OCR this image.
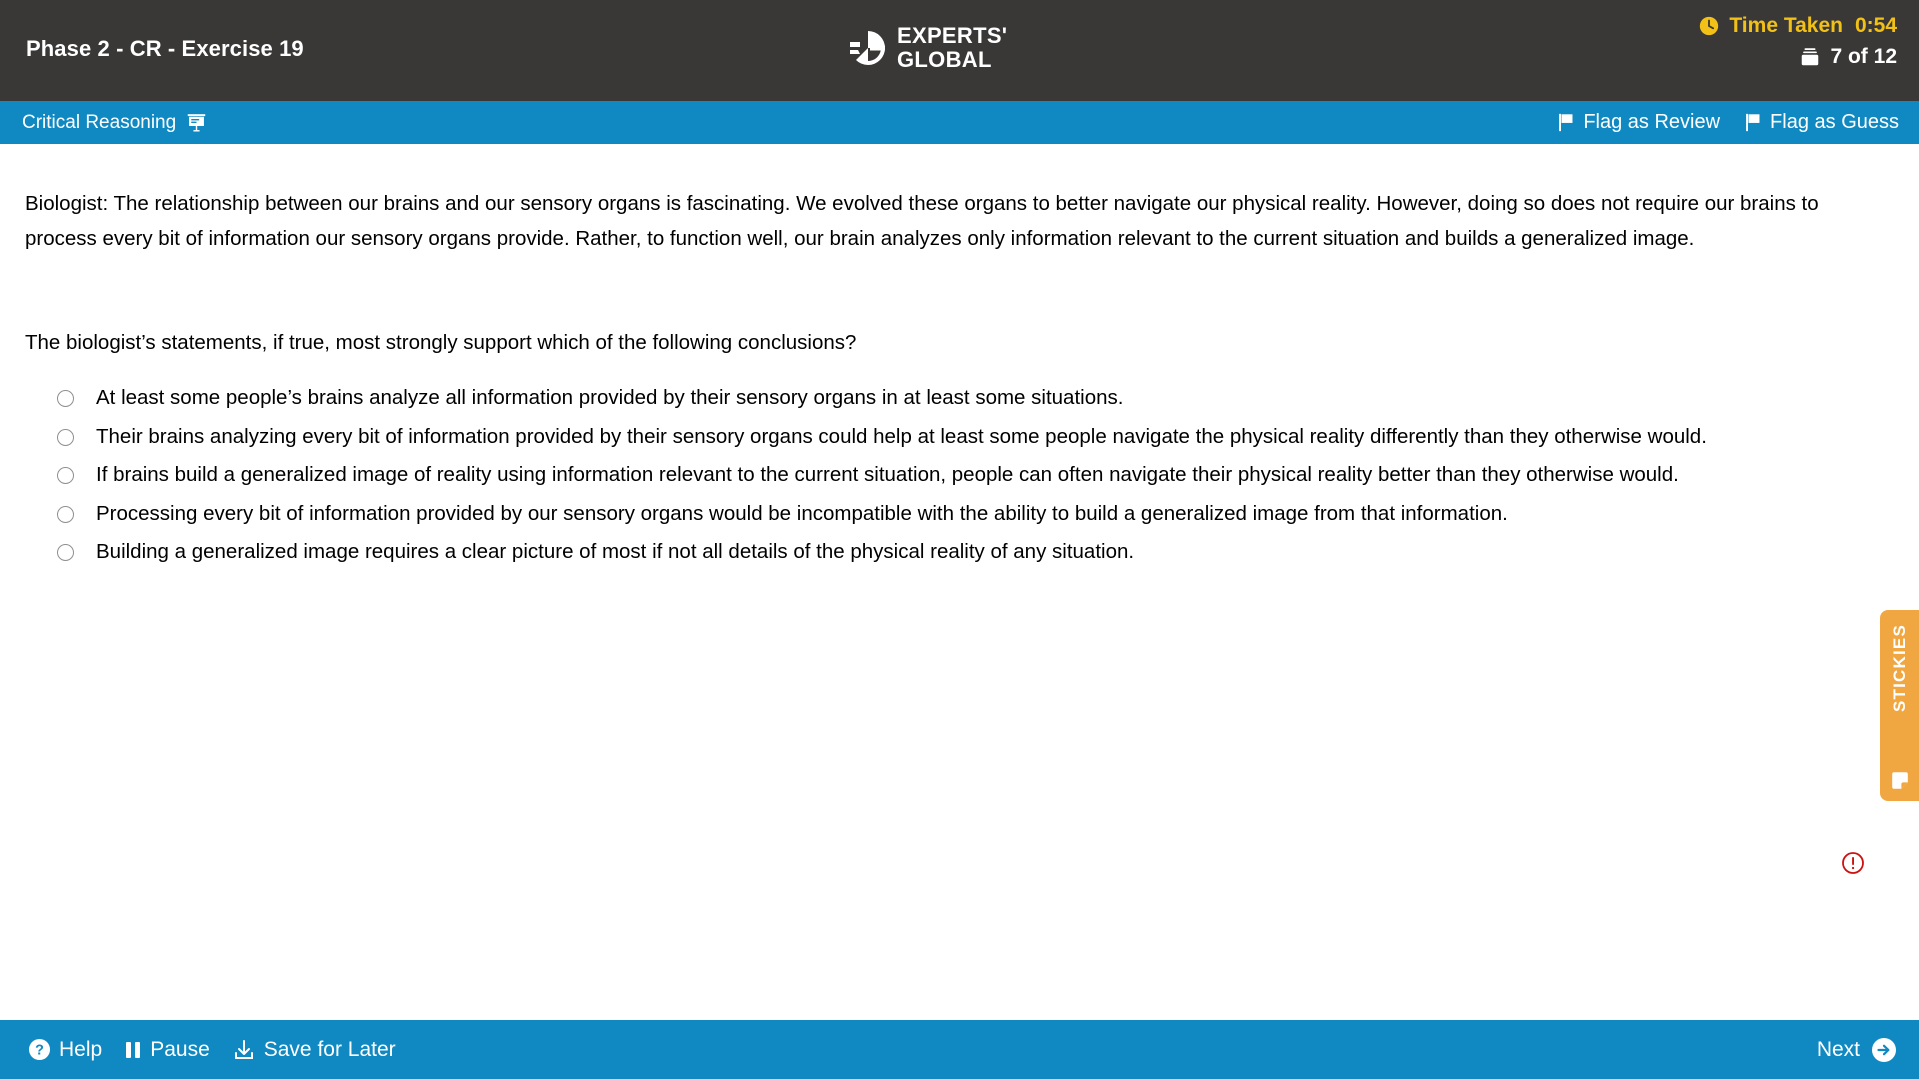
Phase 2 - CR - Exercise 19
EXPERTS'
GLOBAL
Time Taken 0:54
7 of 12
Critical Reasoning	Flag as Review	Flag as Guess
Biologist: The relationship between our brains and our sensory organs is fascinating. We evolved these organs to better navigate our physical reality. However, doing so does not require our brains to process every bit of information our sensory organs provide. Rather, to function well, our brain analyzes only information relevant to the current situation and builds a generalized image.
The biologist’s statements, if true, most strongly support which of the following conclusions?
At least some people’s brains analyze all information provided by their sensory organs in at least some situations.
Their brains analyzing every bit of information provided by their sensory organs could help at least some people navigate the physical reality differently than they otherwise would.
If brains build a generalized image of reality using information relevant to the current situation, people can often navigate their physical reality better than they otherwise would.
Processing every bit of information provided by our sensory organs would be incompatible with the ability to build a generalized image from that information.
Building a generalized image requires a clear picture of most if not all details of the physical reality of any situation.
STICKIES
? Help Pause	Save for Later	Next
